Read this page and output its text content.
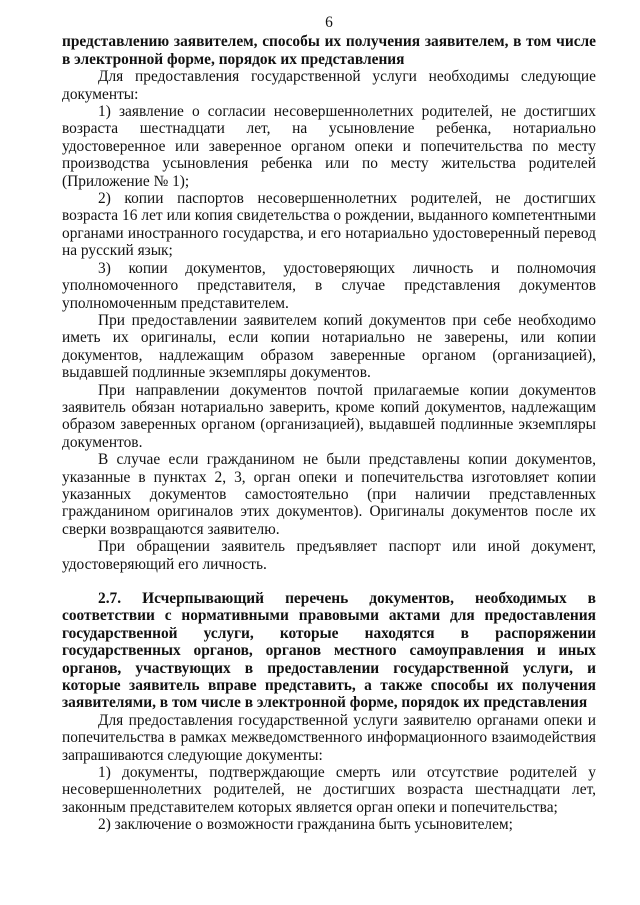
6

представлению заявителем, способы их получения заявителем, в том числе в электронной форме, порядок их представления

Для предоставления государственной услуги необходимы следующие документы:

1) заявление о согласии несовершеннолетних родителей, не достигших возраста шестнадцати лет, на усыновление ребенка, нотариально удостоверенное или заверенное органом опеки и попечительства по месту производства усыновления ребенка или по месту жительства родителей (Приложение № 1);

2) копии паспортов несовершеннолетних родителей, не достигших возраста 16 лет или копия свидетельства о рождении, выданного компетентными органами иностранного государства, и его нотариально удостоверенный перевод на русский язык;

3) копии документов, удостоверяющих личность и полномочия уполномоченного представителя, в случае представления документов уполномоченным представителем.

При предоставлении заявителем копий документов при себе необходимо иметь их оригиналы, если копии нотариально не заверены, или копии документов, надлежащим образом заверенные органом (организацией), выдавшей подлинные экземпляры документов.

При направлении документов почтой прилагаемые копии документов заявитель обязан нотариально заверить, кроме копий документов, надлежащим образом заверенных органом (организацией), выдавшей подлинные экземпляры документов.

В случае если гражданином не были представлены копии документов, указанные в пунктах 2, 3, орган опеки и попечительства изготовляет копии указанных документов самостоятельно (при наличии представленных гражданином оригиналов этих документов). Оригиналы документов после их сверки возвращаются заявителю.

При обращении заявитель предъявляет паспорт или иной документ, удостоверяющий его личность.

2.7. Исчерпывающий перечень документов, необходимых в соответствии с нормативными правовыми актами для предоставления государственной услуги, которые находятся в распоряжении государственных органов, органов местного самоуправления и иных органов, участвующих в предоставлении государственной услуги, и которые заявитель вправе представить, а также способы их получения заявителями, в том числе в электронной форме, порядок их представления

Для предоставления государственной услуги заявителю органами опеки и попечительства в рамках межведомственного информационного взаимодействия запрашиваются следующие документы:

1) документы, подтверждающие смерть или отсутствие родителей у несовершеннолетних родителей, не достигших возраста шестнадцати лет, законным представителем которых является орган опеки и попечительства;

2) заключение о возможности гражданина быть усыновителем;
